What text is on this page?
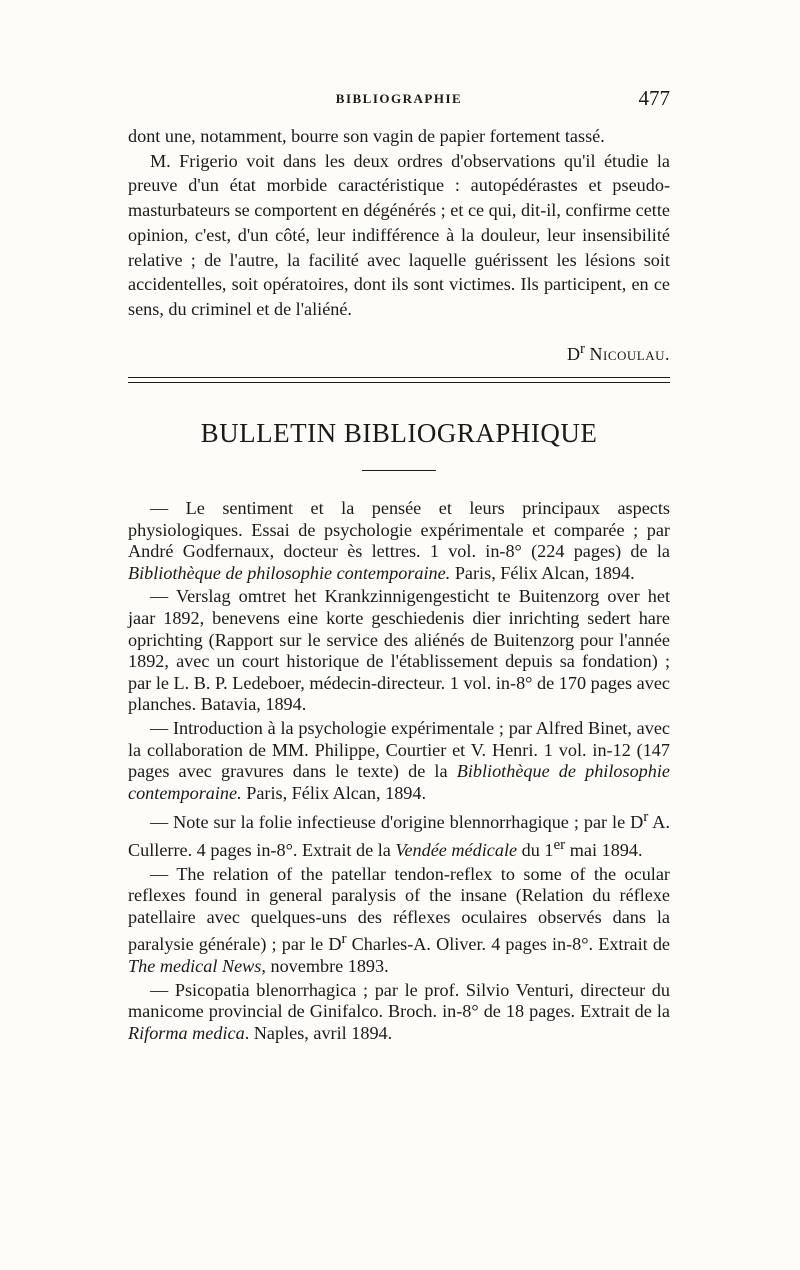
BIBLIOGRAPHIE	477

dont une, notamment, bourre son vagin de papier fortement tassé.

M. Frigerio voit dans les deux ordres d'observations qu'il étudie la preuve d'un état morbide caractéristique : autopédérastes et pseudo-masturbateurs se comportent en dégénérés ; et ce qui, dit-il, confirme cette opinion, c'est, d'un côté, leur indifférence à la douleur, leur insensibilité relative ; de l'autre, la facilité avec laquelle guérissent les lésions soit accidentelles, soit opératoires, dont ils sont victimes. Ils participent, en ce sens, du criminel et de l'aliéné.

$D^r$ Nicoulau.
BULLETIN BIBLIOGRAPHIQUE

— Le sentiment et la pensée et leurs principaux aspects physiologiques. Essai de psychologie expérimentale et comparée ; par André Godfernaux, docteur ès lettres. 1 vol. in-8° (224 pages) de la Bibliothèque de philosophie contemporaine. Paris, Félix Alcan, 1894.

— Verslag omtret het Krankzinnigengesticht te Buitenzorg over het jaar 1892, benevens eine korte geschiedenis dier inrichting sedert hare oprichting (Rapport sur le service des aliénés de Buitenzorg pour l'année 1892, avec un court historique de l'établissement depuis sa fondation) ; par le L. B. P. Ledeboer, médecin-directeur. 1 vol. in-8° de 170 pages avec planches. Batavia, 1894.

— Introduction à la psychologie expérimentale ; par Alfred Binet, avec la collaboration de MM. Philippe, Courtier et V. Henri. 1 vol. in-12 (147 pages avec gravures dans le texte) de la Bibliothèque de philosophie contemporaine. Paris, Félix Alcan, 1894.

— Note sur la folie infectieuse d'origine blennorrhagique ; par le $D^r$ A. Cullerre. 4 pages in-8°. Extrait de la Vendée médicale du 1er mai 1894.

— The relation of the patellar tendon-reflex to some of the ocular reflexes found in general paralysis of the insane (Relation du réflexe patellaire avec quelques-uns des réflexes oculaires observés dans la paralysie générale) ; par le $D^r$ Charles-A. Oliver. 4 pages in-8°. Extrait de The medical News, novembre 1893.

— Psicopatia blenorrhagica ; par le prof. Silvio Venturi, directeur du manicome provincial de Ginifalco. Broch. in-8° de 18 pages. Extrait de la Riforma medica. Naples, avril 1894.
